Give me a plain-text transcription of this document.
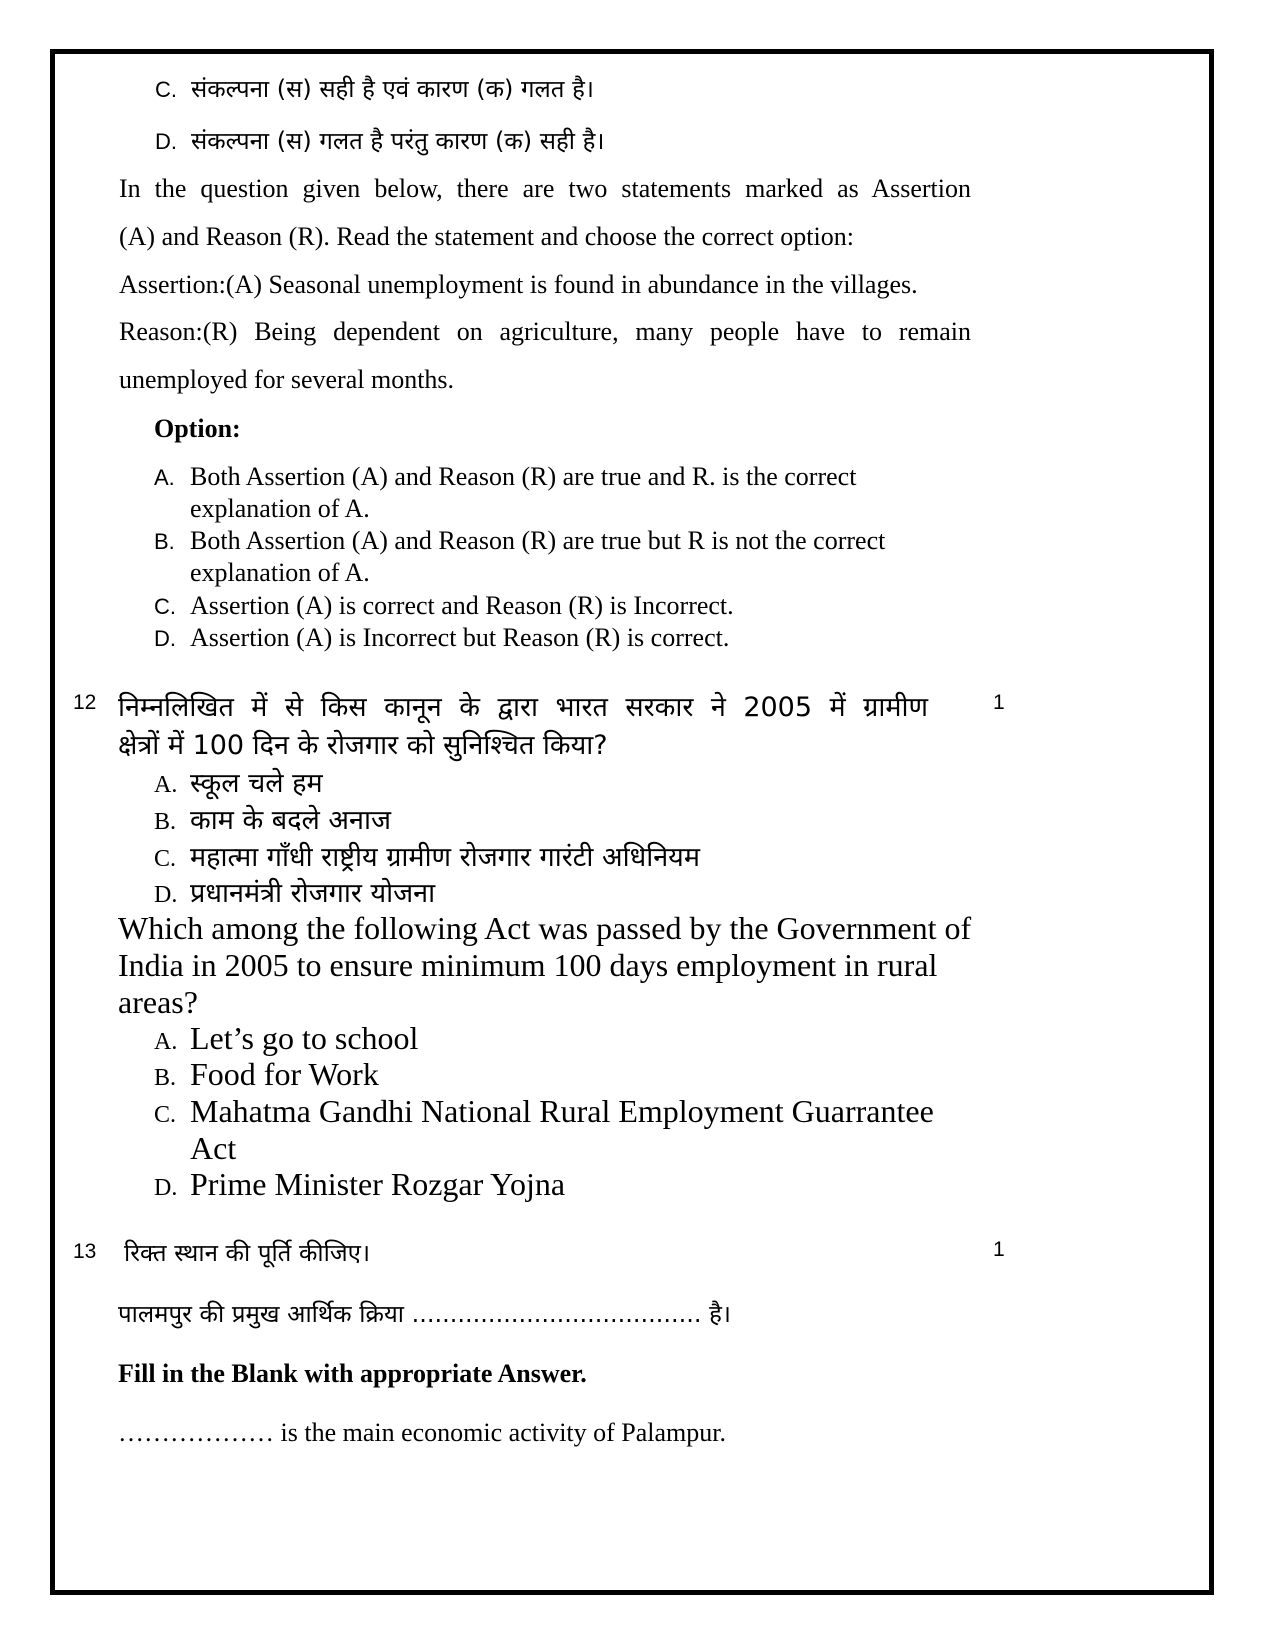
C. संकल्पना (स) सही है एवं कारण (क) गलत है।
D. संकल्पना (स) गलत है परंतु कारण (क) सही है।
In the question given below, there are two statements marked as Assertion
(A) and Reason (R). Read the statement and choose the correct option:
Assertion:(A) Seasonal unemployment is found in abundance in the villages.
Reason:(R) Being dependent on agriculture, many people have to remain
unemployed for several months.
Option:
A. Both Assertion (A) and Reason (R) are true and R. is the correct
explanation of A.
B. Both Assertion (A) and Reason (R) are true but R is not the correct
explanation of A.
C. Assertion (A) is correct and Reason (R) is Incorrect.
D. Assertion (A) is Incorrect but Reason (R) is correct.
12	1
निम्नलिखित में से किस कानून के द्वारा भारत सरकार ने 2005 में ग्रामीण
क्षेत्रों में 100 दिन के रोजगार को सुनिश्चित किया?
A. स्कूल चले हम
B. काम के बदले अनाज
C. महात्मा गाँधी राष्ट्रीय ग्रामीण रोजगार गारंटी अधिनियम
D. प्रधानमंत्री रोजगार योजना
Which among the following Act was passed by the Government of
India in 2005 to ensure minimum 100 days employment in rural
areas?
A. Let’s go to school
B. Food for Work
C. Mahatma Gandhi National Rural Employment Guarrantee
Act
D. Prime Minister Rozgar Yojna
13	1
रिक्त स्थान की पूर्ति कीजिए।
पालमपुर की प्रमुख आर्थिक क्रिया ...................................... है।
Fill in the Blank with appropriate Answer.
……………… is the main economic activity of Palampur.
